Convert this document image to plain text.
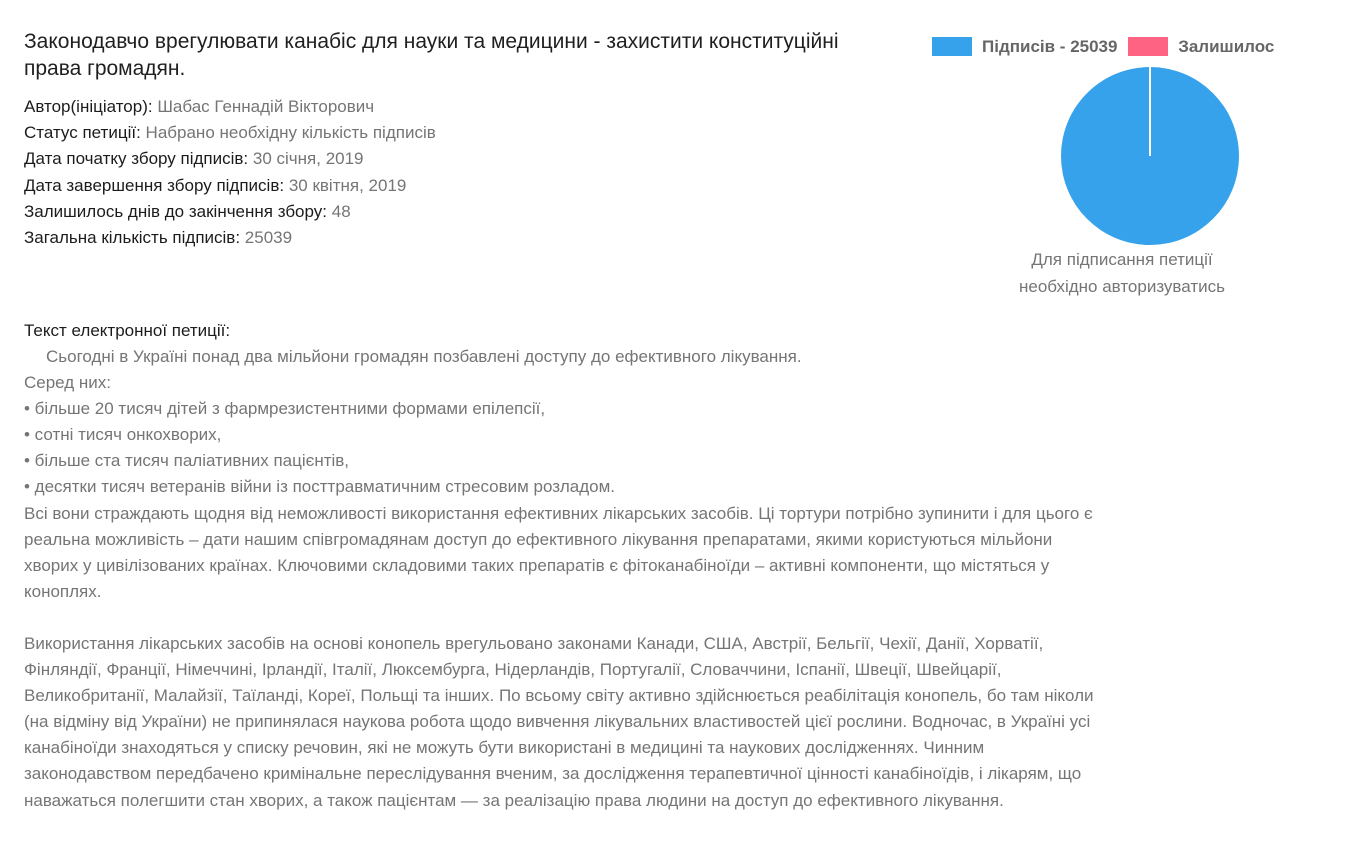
Законодавчо врегулювати канабіс для науки та медицини - захистити конституційні права громадян.
Автор(ініціатор): Шабас Геннадій Вікторович
Статус петиції: Набрано необхідну кількість підписів
Дата початку збору підписів: 30 січня, 2019
Дата завершення збору підписів: 30 квітня, 2019
Залишилось днів до закінчення збору: 48
Загальна кількість підписів: 25039
Підписів - 25039	Залишилос
Для підписання петиції
необхідно авторизуватись
Текст електронної петиції:
Сьогодні в Україні понад два мільйони громадян позбавлені доступу до ефективного лікування.
Серед них:
• більше 20 тисяч дітей з фармрезистентними формами епілепсії,
• сотні тисяч онкохворих,
• більше ста тисяч паліативних пацієнтів,
• десятки тисяч ветеранів війни із посттравматичним стресовим розладом.
Всі вони страждають щодня від неможливості використання ефективних лікарських засобів. Ці тортури потрібно зупинити і для цього є
реальна можливість – дати нашим співгромадянам доступ до ефективного лікування препаратами, якими користуються мільйони
хворих у цивілізованих країнах. Ключовими складовими таких препаратів є фітоканабіноїди – активні компоненти, що містяться у
коноплях.
Використання лікарських засобів на основі конопель врегульовано законами Канади, США, Австрії, Бельгії, Чехії, Данії, Хорватії,
Фінляндії, Франції, Німеччині, Ірландії, Італії, Люксембурга, Нідерландів, Португалії, Словаччини, Іспанії, Швеції, Швейцарії,
Великобританії, Малайзії, Таїланді, Кореї, Польщі та інших. По всьому світу активно здійснюється реабілітація конопель, бо там ніколи
(на відміну від України) не припинялася наукова робота щодо вивчення лікувальних властивостей цієї рослини. Водночас, в Україні усі
канабіноїди знаходяться у списку речовин, які не можуть бути використані в медицині та наукових дослідженнях. Чинним
законодавством передбачено кримінальне переслідування вченим, за дослідження терапевтичної цінності канабіноїдів, і лікарям, що
наважаться полегшити стан хворих, а також пацієнтам — за реалізацію права людини на доступ до ефективного лікування.
